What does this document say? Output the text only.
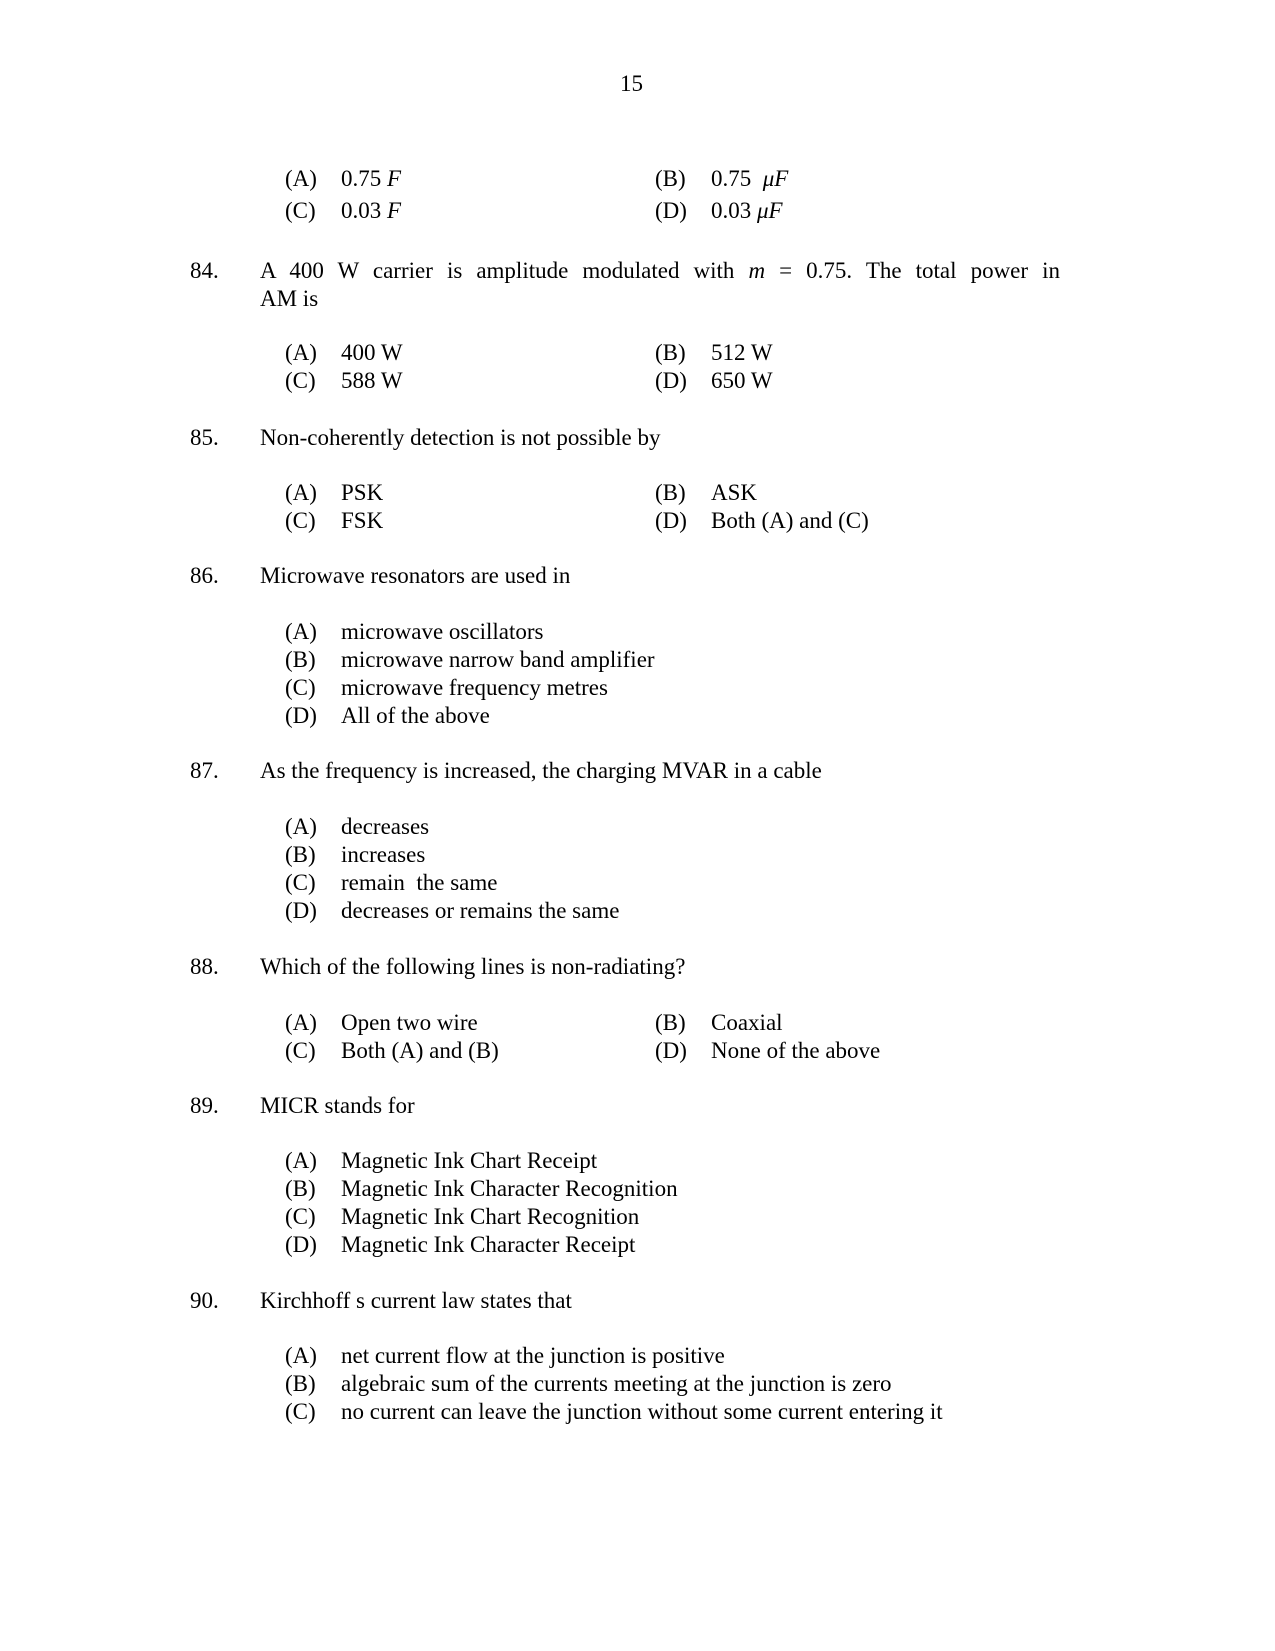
15
(A) 0.75 F	(B) 0.75 μF
(C) 0.03 F	(D) 0.03 μF
84. A 400 W carrier is amplitude modulated with m = 0.75. The total power in
AM is
(A) 400 W	(B) 512 W
(C) 588 W	(D) 650 W
85. Non-coherently detection is not possible by
(A) PSK	(B) ASK
(C) FSK	(D) Both (A) and (C)
86. Microwave resonators are used in
(A) microwave oscillators
(B) microwave narrow band amplifier
(C) microwave frequency metres
(D) All of the above
87. As the frequency is increased, the charging MVAR in a cable
(A) decreases
(B) increases
(C) remain  the same
(D) decreases or remains the same
88. Which of the following lines is non-radiating?
(A) Open two wire	(B) Coaxial
(C) Both (A) and (B)	(D) None of the above
89. MICR stands for
(A) Magnetic Ink Chart Receipt
(B) Magnetic Ink Character Recognition
(C) Magnetic Ink Chart Recognition
(D) Magnetic Ink Character Receipt
90. Kirchhoff s current law states that
(A) net current flow at the junction is positive
(B) algebraic sum of the currents meeting at the junction is zero
(C) no current can leave the junction without some current entering it
